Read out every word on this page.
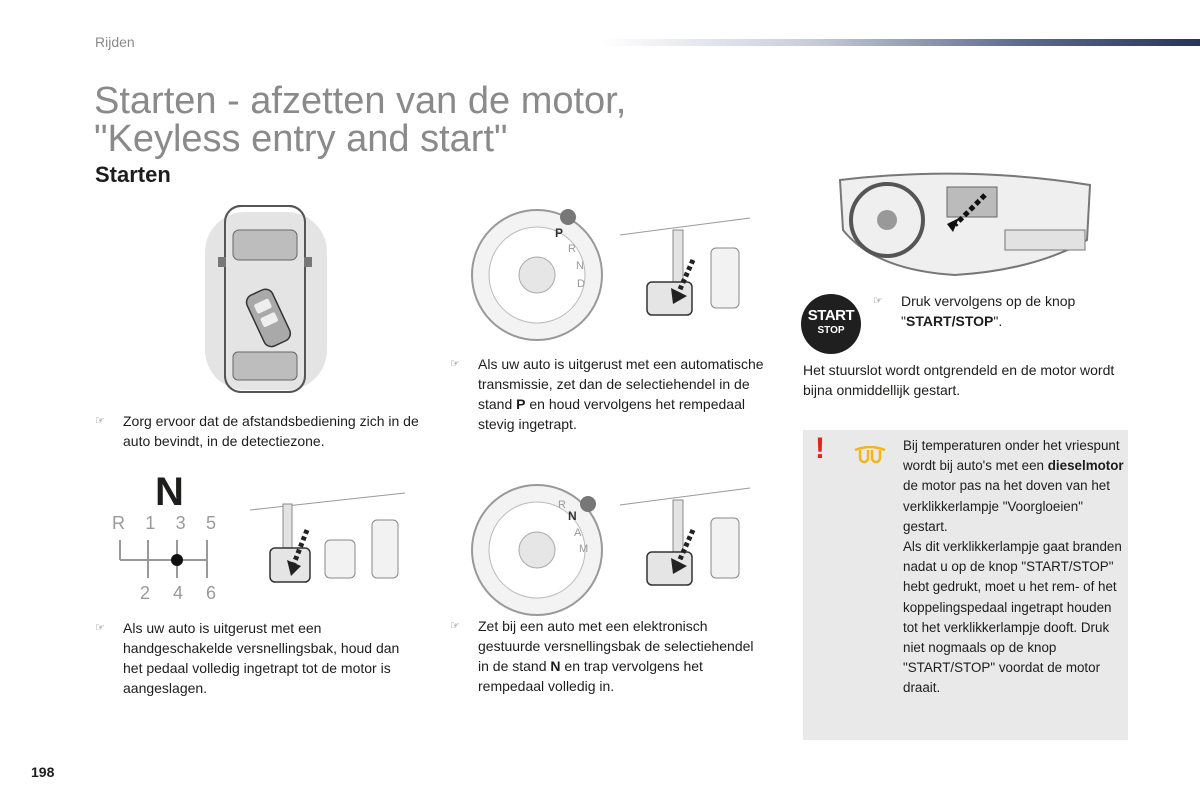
Rijden
Starten - afzetten van de motor,
"Keyless entry and start"
Starten
P
R
N
D
START
STOP
☞ Druk vervolgens op de knop "START/STOP".
Het stuurslot wordt ontgrendeld en de motor wordt bijna onmiddellijk gestart.
☞ Als uw auto is uitgerust met een automatische transmissie, zet dan de selectiehendel in de stand P en houd vervolgens het rempedaal stevig ingetrapt.
☞ Zorg ervoor dat de afstandsbediening zich in de auto bevindt, in de detectiezone.	!	Bij temperaturen onder het vriespunt wordt bij auto's met een dieselmotor de motor pas na het doven van het verklikkerlampje "Voorgloeien" gestart.
Als dit verklikkerlampje gaat branden nadat u op de knop "START/STOP" hebt gedrukt, moet u het rem- of het koppelingspedaal ingetrapt houden tot het verklikkerlampje dooft. Druk niet nogmaals op de knop "START/STOP" voordat de motor draait.
N
R 1 3 5
2 4 6
R
N
A
M
☞ Als uw auto is uitgerust met een handgeschakelde versnellingsbak, houd dan het pedaal volledig ingetrapt tot de motor is aangeslagen.
☞ Zet bij een auto met een elektronisch gestuurde versnellingsbak de selectiehendel in de stand N en trap vervolgens het rempedaal volledig in.
198
